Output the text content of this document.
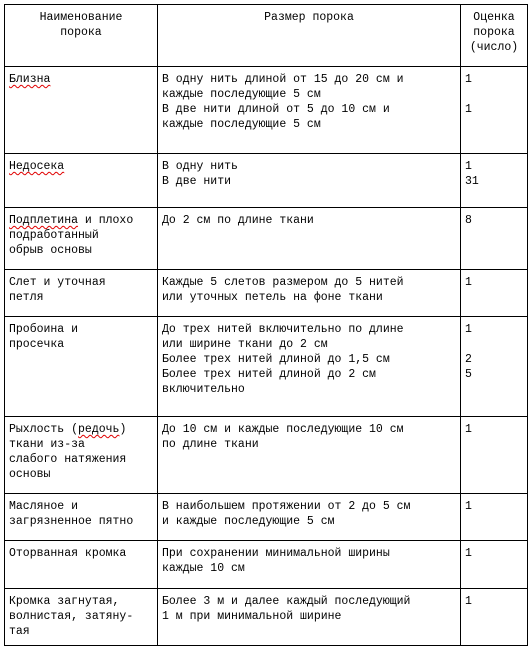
Наименование
порока	Размер порока	Оценка
порока
(число)
Близна	В одну нить длиной от 15 до 20 см и
каждые последующие 5 см
В две нити длиной от 5 до 10 см и
каждые последующие 5 см	1
1

Недосека	В одну нить
В две нити	1
31

Подплетина и плохо
подработанный
обрыв основы	До 2 см по длине ткани	8

Слет и уточная
петля	Каждые 5 слетов размером до 5 нитей
или уточных петель на фоне ткани	1

Пробоина и
просечка	До трех нитей включительно по длине
или ширине ткани до 2 см
Более трех нитей длиной до 1,5 см
Более трех нитей длиной до 2 см
включительно	1
2
5

Рыхлость (редочь)
ткани из-за
слабого натяжения
основы	До 10 см и каждые последующие 10 см
по длине ткани	1

Масляное и
загрязненное пятно	В наибольшем протяжении от 2 до 5 см
и каждые последующие 5 см	1

Оторванная кромка	При сохранении минимальной ширины
каждые 10 см	1

Кромка загнутая,
волнистая, затяну-
тая	Более 3 м и далее каждый последующий
1 м при минимальной ширине	1
